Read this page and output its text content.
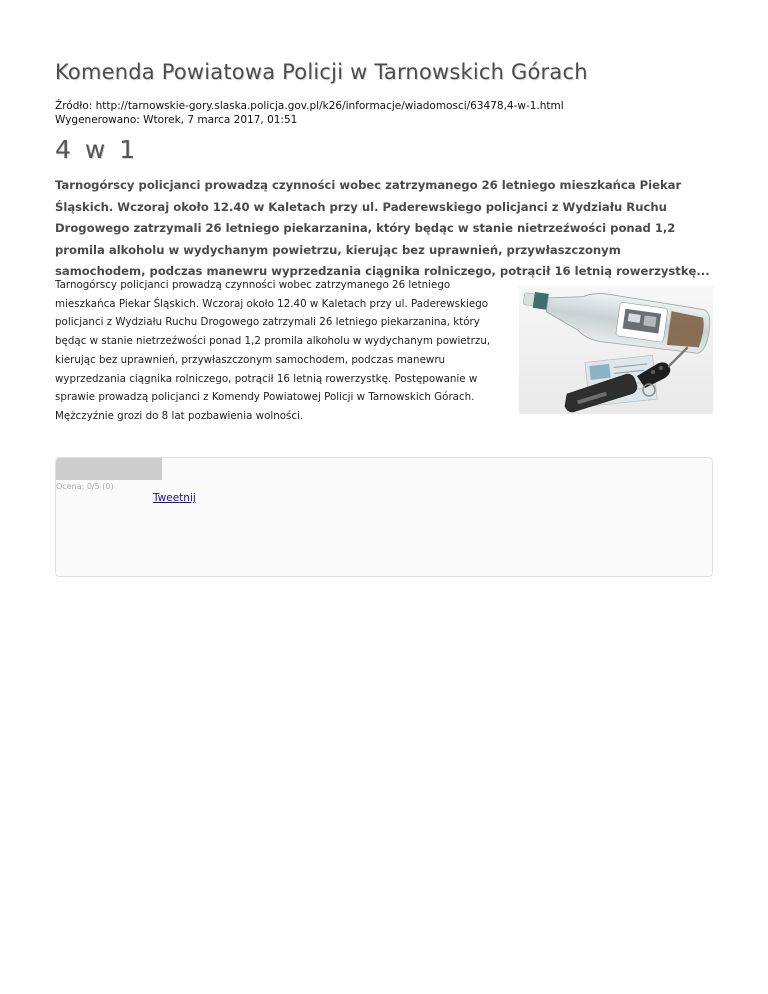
Komenda Powiatowa Policji w Tarnowskich Górach
Źródło: http://tarnowskie-gory.slaska.policja.gov.pl/k26/informacje/wiadomosci/63478,4-w-1.html
Wygenerowano: Wtorek, 7 marca 2017, 01:51
4 w 1

Tarnogórscy policjanci prowadzą czynności wobec zatrzymanego 26 letniego mieszkańca Piekar Śląskich. Wczoraj około 12.40 w Kaletach przy ul. Paderewskiego policjanci z Wydziału Ruchu Drogowego zatrzymali 26 letniego piekarzanina, który będąc w stanie nietrzeźwości ponad 1,2 promila alkoholu w wydychanym powietrzu, kierując bez uprawnień, przywłaszczonym samochodem, podczas manewru wyprzedzania ciągnika rolniczego, potrącił 16 letnią rowerzystkę...

Tarnogórscy policjanci prowadzą czynności wobec zatrzymanego 26 letniego
mieszkańca Piekar Śląskich. Wczoraj około 12.40 w Kaletach przy ul. Paderewskiego
policjanci z Wydziału Ruchu Drogowego zatrzymali 26 letniego piekarzanina, który
będąc w stanie nietrzeźwości ponad 1,2 promila alkoholu w wydychanym powietrzu,
kierując bez uprawnień, przywłaszczonym samochodem, podczas manewru
wyprzedzania ciągnika rolniczego, potrącił 16 letnią rowerzystkę. Postępowanie w
sprawie prowadzą policjanci z Komendy Powiatowej Policji w Tarnowskich Górach.
Mężczyźnie grozi do 8 lat pozbawienia wolności.
Ocena: 0/5 (0)
Tweetnij
